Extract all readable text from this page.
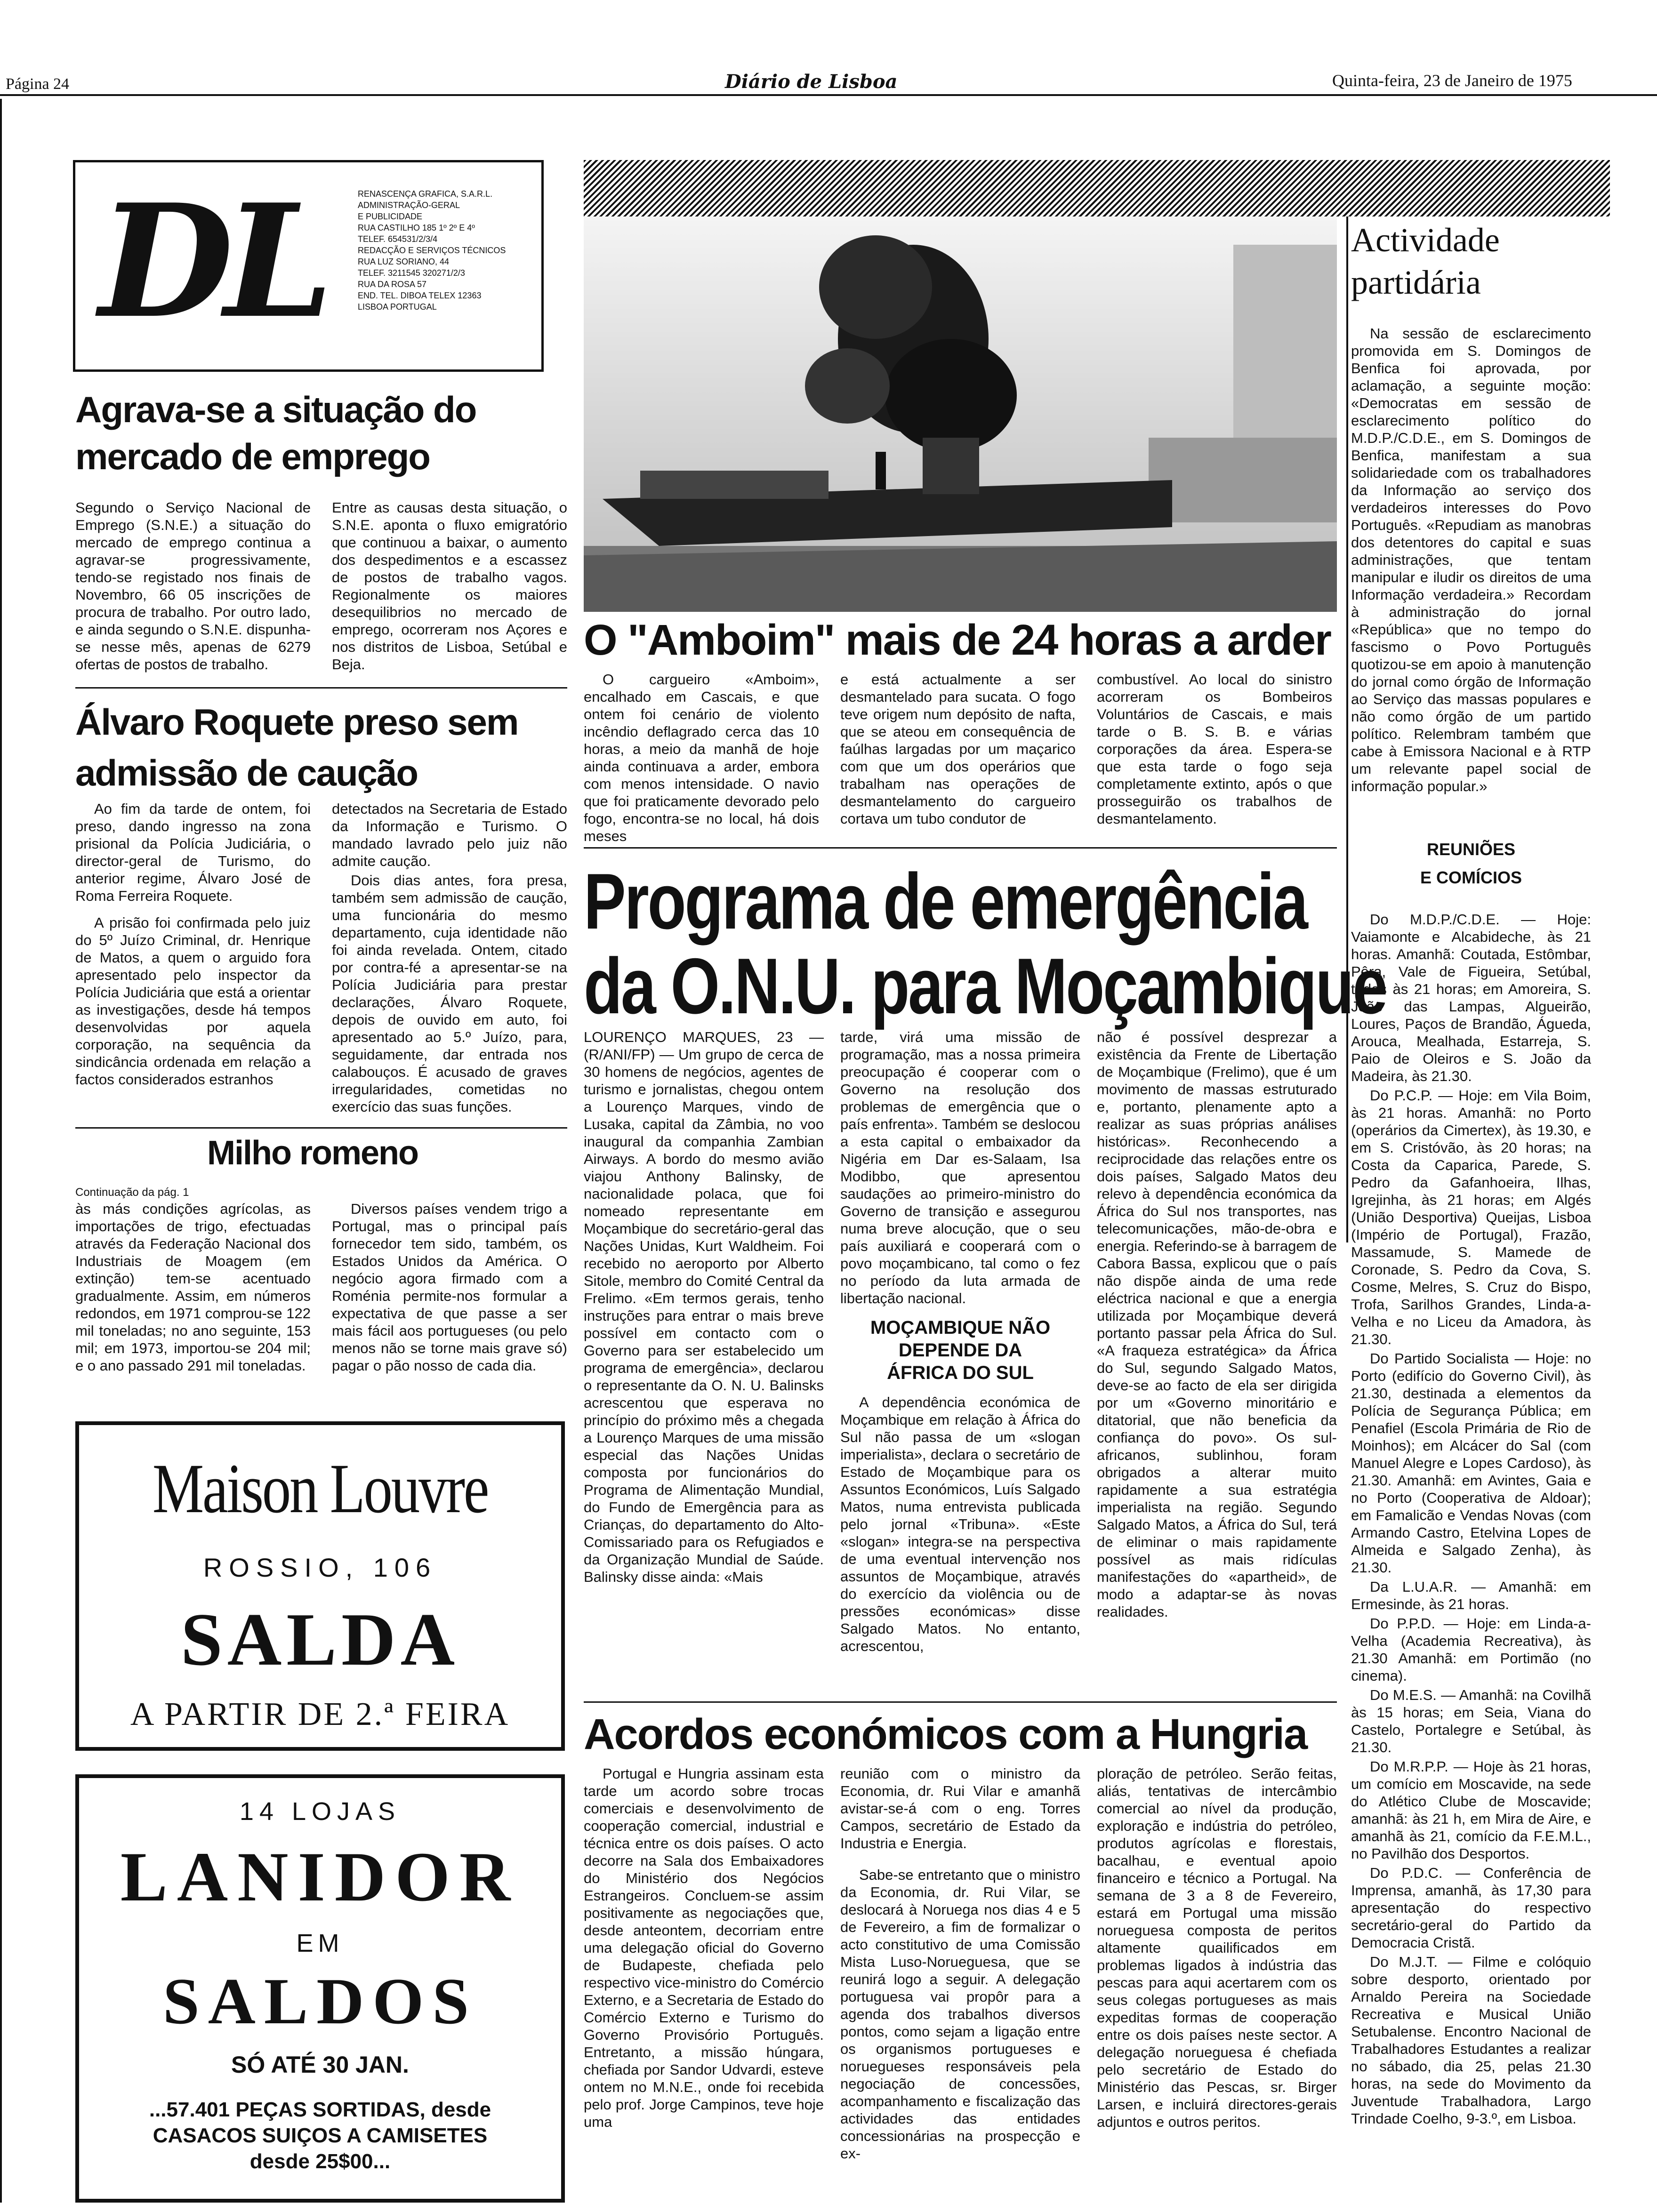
Página 24	Diário de Lisboa	Quinta-feira, 23 de Janeiro de 1975
DL	RENASCENÇA GRAFICA, S.A.R.L.
ADMINISTRAÇÃO-GERAL
E PUBLICIDADE
RUA CASTILHO 185 1º 2º E 4º
TELEF. 654531/2/3/4
REDACÇÃO E SERVIÇOS TÉCNICOS
RUA LUZ SORIANO, 44
TELEF. 3211545 320271/2/3
RUA DA ROSA 57
END. TEL. DIBOA TELEX 12363
LISBOA PORTUGAL
Agrava-se a situação do mercado de emprego
Segundo o Serviço Nacional de Emprego (S.N.E.) a situação do mercado de emprego continua a agravar-se progressivamente, tendo-se registado nos finais de Novembro, 66 05 inscrições de procura de trabalho. Por outro lado, e ainda segundo o S.N.E. dispunha-se nesse mês, apenas de 6279 ofertas de postos de trabalho.
Entre as causas desta situação, o S.N.E. aponta o fluxo emigratório que continuou a baixar, o aumento dos despedimentos e a escassez de postos de trabalho vagos. Regionalmente os maiores desequilibrios no mercado de emprego, ocorreram nos Açores e nos distritos de Lisboa, Setúbal e Beja.
Álvaro Roquete preso sem admissão de caução

Ao fim da tarde de ontem, foi preso, dando ingresso na zona prisional da Polícia Judiciária, o director-geral de Turismo, do anterior regime, Álvaro José de Roma Ferreira Roquete.

A prisão foi confirmada pelo juiz do 5º Juízo Criminal, dr. Henrique de Matos, a quem o arguido fora apresentado pelo inspector da Polícia Judiciária que está a orientar as investigações, desde há tempos desenvolvidas por aquela corporação, na sequência da sindicância ordenada em relação a factos considerados estranhos

detectados na Secretaria de Estado da Informação e Turismo. O mandado lavrado pelo juiz não admite caução.

Dois dias antes, fora presa, também sem admissão de caução, uma funcionária do mesmo departamento, cuja identidade não foi ainda revelada. Ontem, citado por contra-fé a apresentar-se na Polícia Judiciária para prestar declarações, Álvaro Roquete, depois de ouvido em auto, foi apresentado ao 5.º Juízo, para, seguidamente, dar entrada nos calabouços. É acusado de graves irregularidades, cometidas no exercício das suas funções.

Milho romeno
Continuação da pág. 1
às más condições agrícolas, as importações de trigo, efectuadas através da Federação Nacional dos Industriais de Moagem (em extinção) tem-se acentuado gradualmente. Assim, em números redondos, em 1971 comprou-se 122 mil toneladas; no ano seguinte, 153 mil; em 1973, importou-se 204 mil; e o ano passado 291 mil toneladas.
Diversos países vendem trigo a Portugal, mas o principal país fornecedor tem sido, também, os Estados Unidos da América. O negócio agora firmado com a Roménia permite-nos formular a expectativa de que passe a ser mais fácil aos portugueses (ou pelo menos não se torne mais grave só) pagar o pão nosso de cada dia.
Maison Louvre
ROSSIO, 106
SALDA
A PARTIR DE 2.ª FEIRA
14 LOJAS
LANIDOR
EM
SALDOS
SÓ ATÉ 30 JAN.
...57.401 PEÇAS SORTIDAS, desde
CASACOS SUIÇOS A CAMISETES
desde 25$00...
O "Amboim" mais de 24 horas a arder
O cargueiro «Amboim», encalhado em Cascais, e que ontem foi cenário de violento incêndio deflagrado cerca das 10 horas, a meio da manhã de hoje ainda continuava a arder, embora com menos intensidade. O navio que foi praticamente devorado pelo fogo, encontra-se no local, há dois meses
e está actualmente a ser desmantelado para sucata. O fogo teve origem num depósito de nafta, que se ateou em consequência de faúlhas largadas por um maçarico com que um dos operários que trabalham nas operações de desmantelamento do cargueiro cortava um tubo condutor de
combustível. Ao local do sinistro acorreram os Bombeiros Voluntários de Cascais, e mais tarde o B. S. B. e várias corporações da área. Espera-se que esta tarde o fogo seja completamente extinto, após o que prosseguirão os trabalhos de desmantelamento.
Programa de emergência
da O.N.U. para Moçambique
LOURENÇO MARQUES, 23 — (R/ANI/FP) — Um grupo de cerca de 30 homens de negócios, agentes de turismo e jornalistas, chegou ontem a Lourenço Marques, vindo de Lusaka, capital da Zâmbia, no voo inaugural da companhia Zambian Airways. A bordo do mesmo avião viajou Anthony Balinsky, de nacionalidade polaca, que foi nomeado representante em Moçambique do secretário-geral das Nações Unidas, Kurt Waldheim. Foi recebido no aeroporto por Alberto Sitole, membro do Comité Central da Frelimo. «Em termos gerais, tenho instruções para entrar o mais breve possível em contacto com o Governo para ser estabelecido um programa de emergência», declarou o representante da O. N. U. Balinsks acrescentou que esperava no princípio do próximo mês a chegada a Lourenço Marques de uma missão especial das Nações Unidas composta por funcionários do Programa de Alimentação Mundial, do Fundo de Emergência para as Crianças, do departamento do Alto-Comissariado para os Refugiados e da Organização Mundial de Saúde. Balinsky disse ainda: «Mais

tarde, virá uma missão de programação, mas a nossa primeira preocupação é cooperar com o Governo na resolução dos problemas de emergência que o país enfrenta». Também se deslocou a esta capital o embaixador da Nigéria em Dar es-Salaam, Isa Modibbo, que apresentou saudações ao primeiro-ministro do Governo de transição e assegurou numa breve alocução, que o seu país auxiliará e cooperará com o povo moçambicano, tal como o fez no período da luta armada de libertação nacional.

MOÇAMBIQUE NÃO DEPENDE DA ÁFRICA DO SUL

A dependência económica de Moçambique em relação à África do Sul não passa de um «slogan imperialista», declara o secretário de Estado de Moçambique para os Assuntos Económicos, Luís Salgado Matos, numa entrevista publicada pelo jornal «Tribuna». «Este «slogan» integra-se na perspectiva de uma eventual intervenção nos assuntos de Moçambique, através do exercício da violência ou de pressões económicas» disse Salgado Matos. No entanto, acrescentou,

não é possível desprezar a existência da Frente de Libertação de Moçambique (Frelimo), que é um movimento de massas estruturado e, portanto, plenamente apto a realizar as suas próprias análises históricas». Reconhecendo a reciprocidade das relações entre os dois países, Salgado Matos deu relevo à dependência económica da África do Sul nos transportes, nas telecomunicações, mão-de-obra e energia. Referindo-se à barragem de Cabora Bassa, explicou que o país não dispõe ainda de uma rede eléctrica nacional e que a energia utilizada por Moçambique deverá portanto passar pela África do Sul. «A fraqueza estratégica» da África do Sul, segundo Salgado Matos, deve-se ao facto de ela ser dirigida por um «Governo minoritário e ditatorial, que não beneficia da confiança do povo». Os sul-africanos, sublinhou, foram obrigados a alterar muito rapidamente a sua estratégia imperialista na região. Segundo Salgado Matos, a África do Sul, terá de eliminar o mais rapidamente possível as mais ridículas manifestações do «apartheid», de modo a adaptar-se às novas realidades.
Acordos económicos com a Hungria
Portugal e Hungria assinam esta tarde um acordo sobre trocas comerciais e desenvolvimento de cooperação comercial, industrial e técnica entre os dois países. O acto decorre na Sala dos Embaixadores do Ministério dos Negócios Estrangeiros. Concluem-se assim positivamente as negociações que, desde anteontem, decorriam entre uma delegação oficial do Governo de Budapeste, chefiada pelo respectivo vice-ministro do Comércio Externo, e a Secretaria de Estado do Comércio Externo e Turismo do Governo Provisório Português. Entretanto, a missão húngara, chefiada por Sandor Udvardi, esteve ontem no M.N.E., onde foi recebida pelo prof. Jorge Campinos, teve hoje uma

reunião com o ministro da Economia, dr. Rui Vilar e amanhã avistar-se-á com o eng. Torres Campos, secretário de Estado da Industria e Energia.

Sabe-se entretanto que o ministro da Economia, dr. Rui Vilar, se deslocará à Noruega nos dias 4 e 5 de Fevereiro, a fim de formalizar o acto constitutivo de uma Comissão Mista Luso-Norueguesa, que se reunirá logo a seguir. A delegação portuguesa vai propôr para a agenda dos trabalhos diversos pontos, como sejam a ligação entre os organismos portugueses e noruegueses responsáveis pela negociação de concessões, acompanhamento e fiscalização das actividades das entidades concessionárias na prospecção e ex-

ploração de petróleo. Serão feitas, aliás, tentativas de intercâmbio comercial ao nível da produção, exploração e indústria do petróleo, produtos agrícolas e florestais, bacalhau, e eventual apoio financeiro e técnico a Portugal. Na semana de 3 a 8 de Fevereiro, estará em Portugal uma missão norueguesa composta de peritos altamente quailificados em problemas ligados à indústria das pescas para aqui acertarem com os seus colegas portugueses as mais expeditas formas de cooperação entre os dois países neste sector. A delegação norueguesa é chefiada pelo secretário de Estado do Ministério das Pescas, sr. Birger Larsen, e incluirá directores-gerais adjuntos e outros peritos.
Actividade
partidária
Na sessão de esclarecimento promovida em S. Domingos de Benfica foi aprovada, por aclamação, a seguinte moção: «Democratas em sessão de esclarecimento político do M.D.P./C.D.E., em S. Domingos de Benfica, manifestam a sua solidariedade com os trabalhadores da Informação ao serviço dos verdadeiros interesses do Povo Português. «Repudiam as manobras dos detentores do capital e suas administrações, que tentam manipular e iludir os direitos de uma Informação verdadeira.» Recordam à administração do jornal «República» que no tempo do fascismo o Povo Português quotizou-se em apoio à manutenção do jornal como órgão de Informação ao Serviço das massas populares e não como órgão de um partido político. Relembram também que cabe à Emissora Nacional e à RTP um relevante papel social de informação popular.»
REUNIÕES
E COMÍCIOS

Do M.D.P./C.D.E. — Hoje: Vaiamonte e Alcabideche, às 21 horas. Amanhã: Coutada, Estômbar, Pêra, Vale de Figueira, Setúbal, todas às 21 horas; em Amoreira, S. João das Lampas, Algueirão, Loures, Paços de Brandão, Águeda, Arouca, Mealhada, Estarreja, S. Paio de Oleiros e S. João da Madeira, às 21.30.

Do P.C.P. — Hoje: em Vila Boim, às 21 horas. Amanhã: no Porto (operários da Cimertex), às 19.30, e em S. Cristóvão, às 20 horas; na Costa da Caparica, Parede, S. Pedro da Gafanhoeira, Ilhas, Igrejinha, às 21 horas; em Algés (União Desportiva) Queijas, Lisboa (Império de Portugal), Frazão, Massamude, S. Mamede de Coronade, S. Pedro da Cova, S. Cosme, Melres, S. Cruz do Bispo, Trofa, Sarilhos Grandes, Linda-a-Velha e no Liceu da Amadora, às 21.30.

Do Partido Socialista — Hoje: no Porto (edifício do Governo Civil), às 21.30, destinada a elementos da Polícia de Segurança Pública; em Penafiel (Escola Primária de Rio de Moinhos); em Alcácer do Sal (com Manuel Alegre e Lopes Cardoso), às 21.30. Amanhã: em Avintes, Gaia e no Porto (Cooperativa de Aldoar); em Famalicão e Vendas Novas (com Armando Castro, Etelvina Lopes de Almeida e Salgado Zenha), às 21.30.

Da L.U.A.R. — Amanhã: em Ermesinde, às 21 horas.

Do P.P.D. — Hoje: em Linda-a-Velha (Academia Recreativa), às 21.30 Amanhã: em Portimão (no cinema).

Do M.E.S. — Amanhã: na Covilhã às 15 horas; em Seia, Viana do Castelo, Portalegre e Setúbal, às 21.30.

Do M.R.P.P. — Hoje às 21 horas, um comício em Moscavide, na sede do Atlético Clube de Moscavide; amanhã: às 21 h, em Mira de Aire, e amanhã às 21, comício da F.E.M.L., no Pavilhão dos Desportos.

Do P.D.C. — Conferência de Imprensa, amanhã, às 17,30 para apresentação do respectivo secretário-geral do Partido da Democracia Cristã.

Do M.J.T. — Filme e colóquio sobre desporto, orientado por Arnaldo Pereira na Sociedade Recreativa e Musical União Setubalense. Encontro Nacional de Trabalhadores Estudantes a realizar no sábado, dia 25, pelas 21.30 horas, na sede do Movimento da Juventude Trabalhadora, Largo Trindade Coelho, 9-3.º, em Lisboa.
